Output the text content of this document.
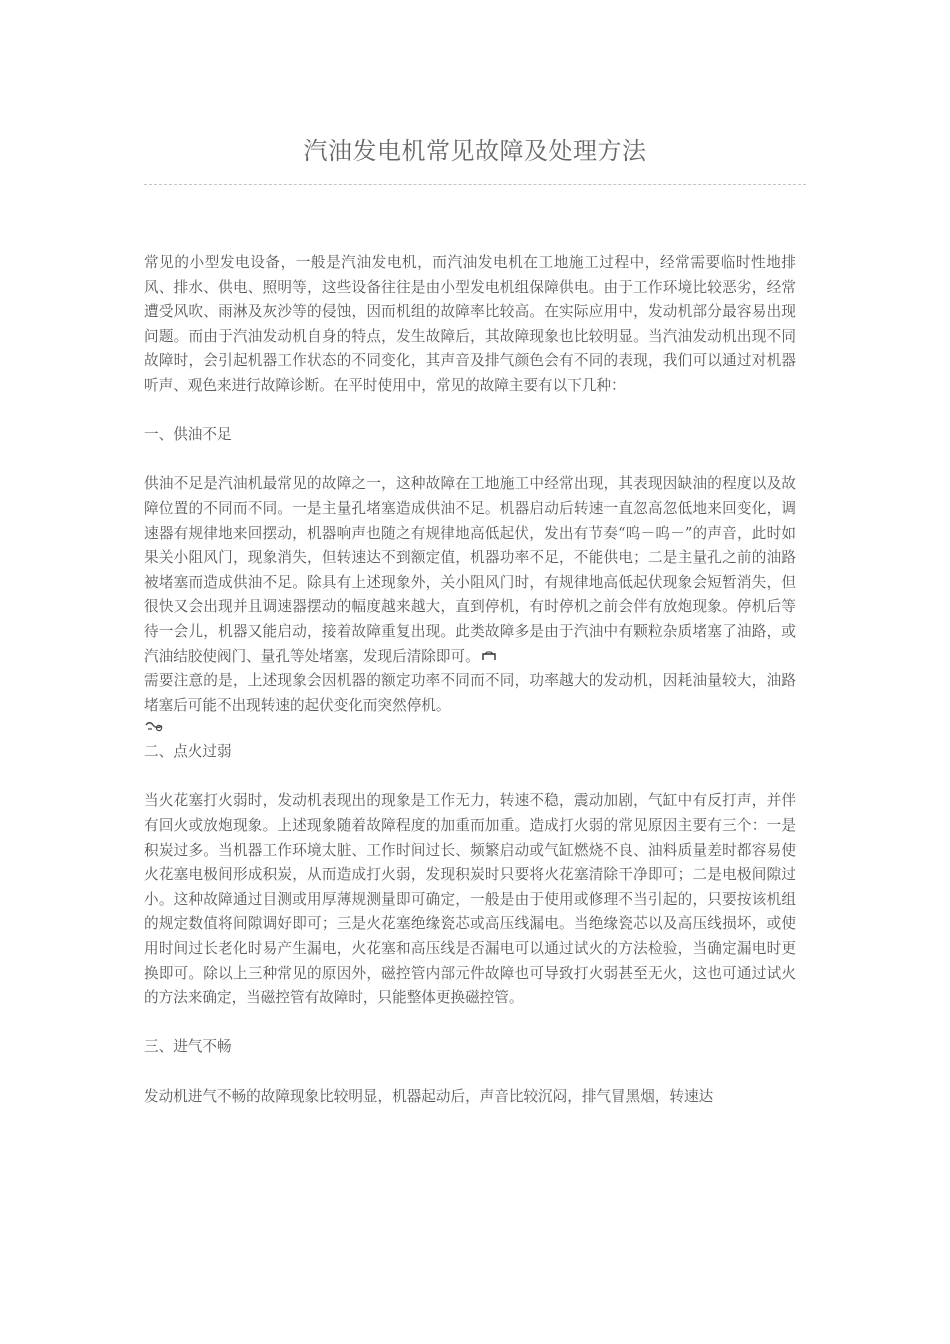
汽油发电机常见故障及处理方法

常见的小型发电设备，一般是汽油发电机，而汽油发电机在工地施工过程中，经常需要临时性地排风、排水、供电、照明等，这些设备往往是由小型发电机组保障供电。由于工作环境比较恶劣，经常遭受风吹、雨淋及灰沙等的侵蚀，因而机组的故障率比较高。在实际应用中，发动机部分最容易出现问题。而由于汽油发动机自身的特点，发生故障后，其故障现象也比较明显。当汽油发动机出现不同故障时，会引起机器工作状态的不同变化，其声音及排气颜色会有不同的表现，我们可以通过对机器听声、观色来进行故障诊断。在平时使用中，常见的故障主要有以下几种：

一、供油不足

供油不足是汽油机最常见的故障之一，这种故障在工地施工中经常出现，其表现因缺油的程度以及故障位置的不同而不同。一是主量孔堵塞造成供油不足。机器启动后转速一直忽高忽低地来回变化，调速器有规律地来回摆动，机器响声也随之有规律地高低起伏，发出有节奏“呜－呜－”的声音，此时如果关小阻风门，现象消失，但转速达不到额定值，机器功率不足，不能供电；二是主量孔之前的油路被堵塞而造成供油不足。除具有上述现象外，关小阻风门时，有规律地高低起伏现象会短暂消失，但很快又会出现并且调速器摆动的幅度越来越大，直到停机，有时停机之前会伴有放炮现象。停机后等待一会儿，机器又能启动，接着故障重复出现。此类故障多是由于汽油中有颗粒杂质堵塞了油路，或汽油结胶使阀门、量孔等处堵塞，发现后清除即可。

需要注意的是，上述现象会因机器的额定功率不同而不同，功率越大的发动机，因耗油量较大，油路堵塞后可能不出现转速的起伏变化而突然停机。

二、点火过弱

当火花塞打火弱时，发动机表现出的现象是工作无力，转速不稳，震动加剧，气缸中有反打声，并伴有回火或放炮现象。上述现象随着故障程度的加重而加重。造成打火弱的常见原因主要有三个：一是积炭过多。当机器工作环境太脏、工作时间过长、频繁启动或气缸燃烧不良、油料质量差时都容易使火花塞电极间形成积炭，从而造成打火弱，发现积炭时只要将火花塞清除干净即可；二是电极间隙过小。这种故障通过目测或用厚薄规测量即可确定，一般是由于使用或修理不当引起的，只要按该机组的规定数值将间隙调好即可；三是火花塞绝缘瓷芯或高压线漏电。当绝缘瓷芯以及高压线损坏，或使用时间过长老化时易产生漏电，火花塞和高压线是否漏电可以通过试火的方法检验，当确定漏电时更换即可。除以上三种常见的原因外，磁控管内部元件故障也可导致打火弱甚至无火，这也可通过试火的方法来确定，当磁控管有故障时，只能整体更换磁控管。

三、进气不畅

发动机进气不畅的故障现象比较明显，机器起动后，声音比较沉闷，排气冒黑烟，转速达
